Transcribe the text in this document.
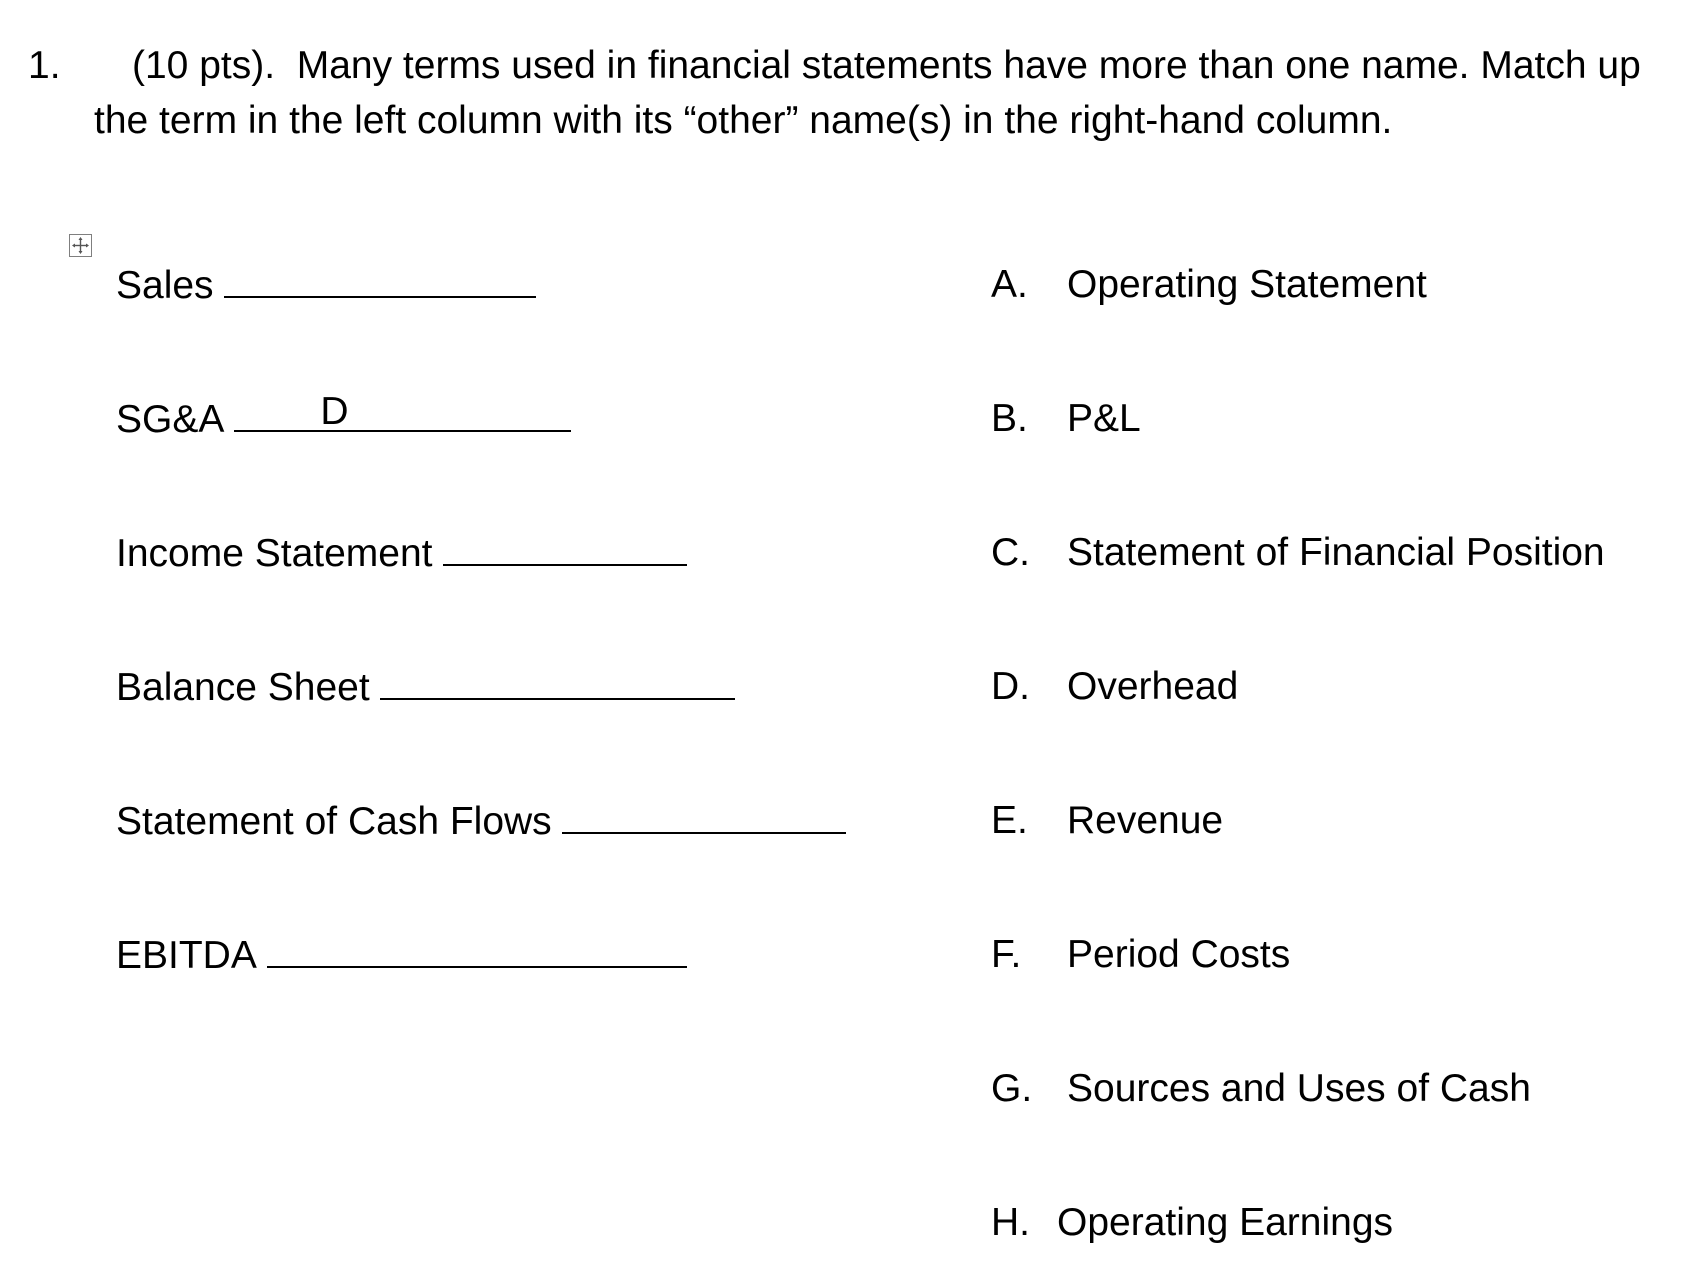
1.	(10 pts). Many terms used in financial statements have more than one name. Match up the term in the left column with its “other” name(s) in the right-hand column.
Sales
SG&A D
Income Statement
Balance Sheet
Statement of Cash Flows
EBITDA
A. Operating Statement
B. P&L
C. Statement of Financial Position
D. Overhead
E. Revenue
F. Period Costs
G. Sources and Uses of Cash
H. Operating Earnings
